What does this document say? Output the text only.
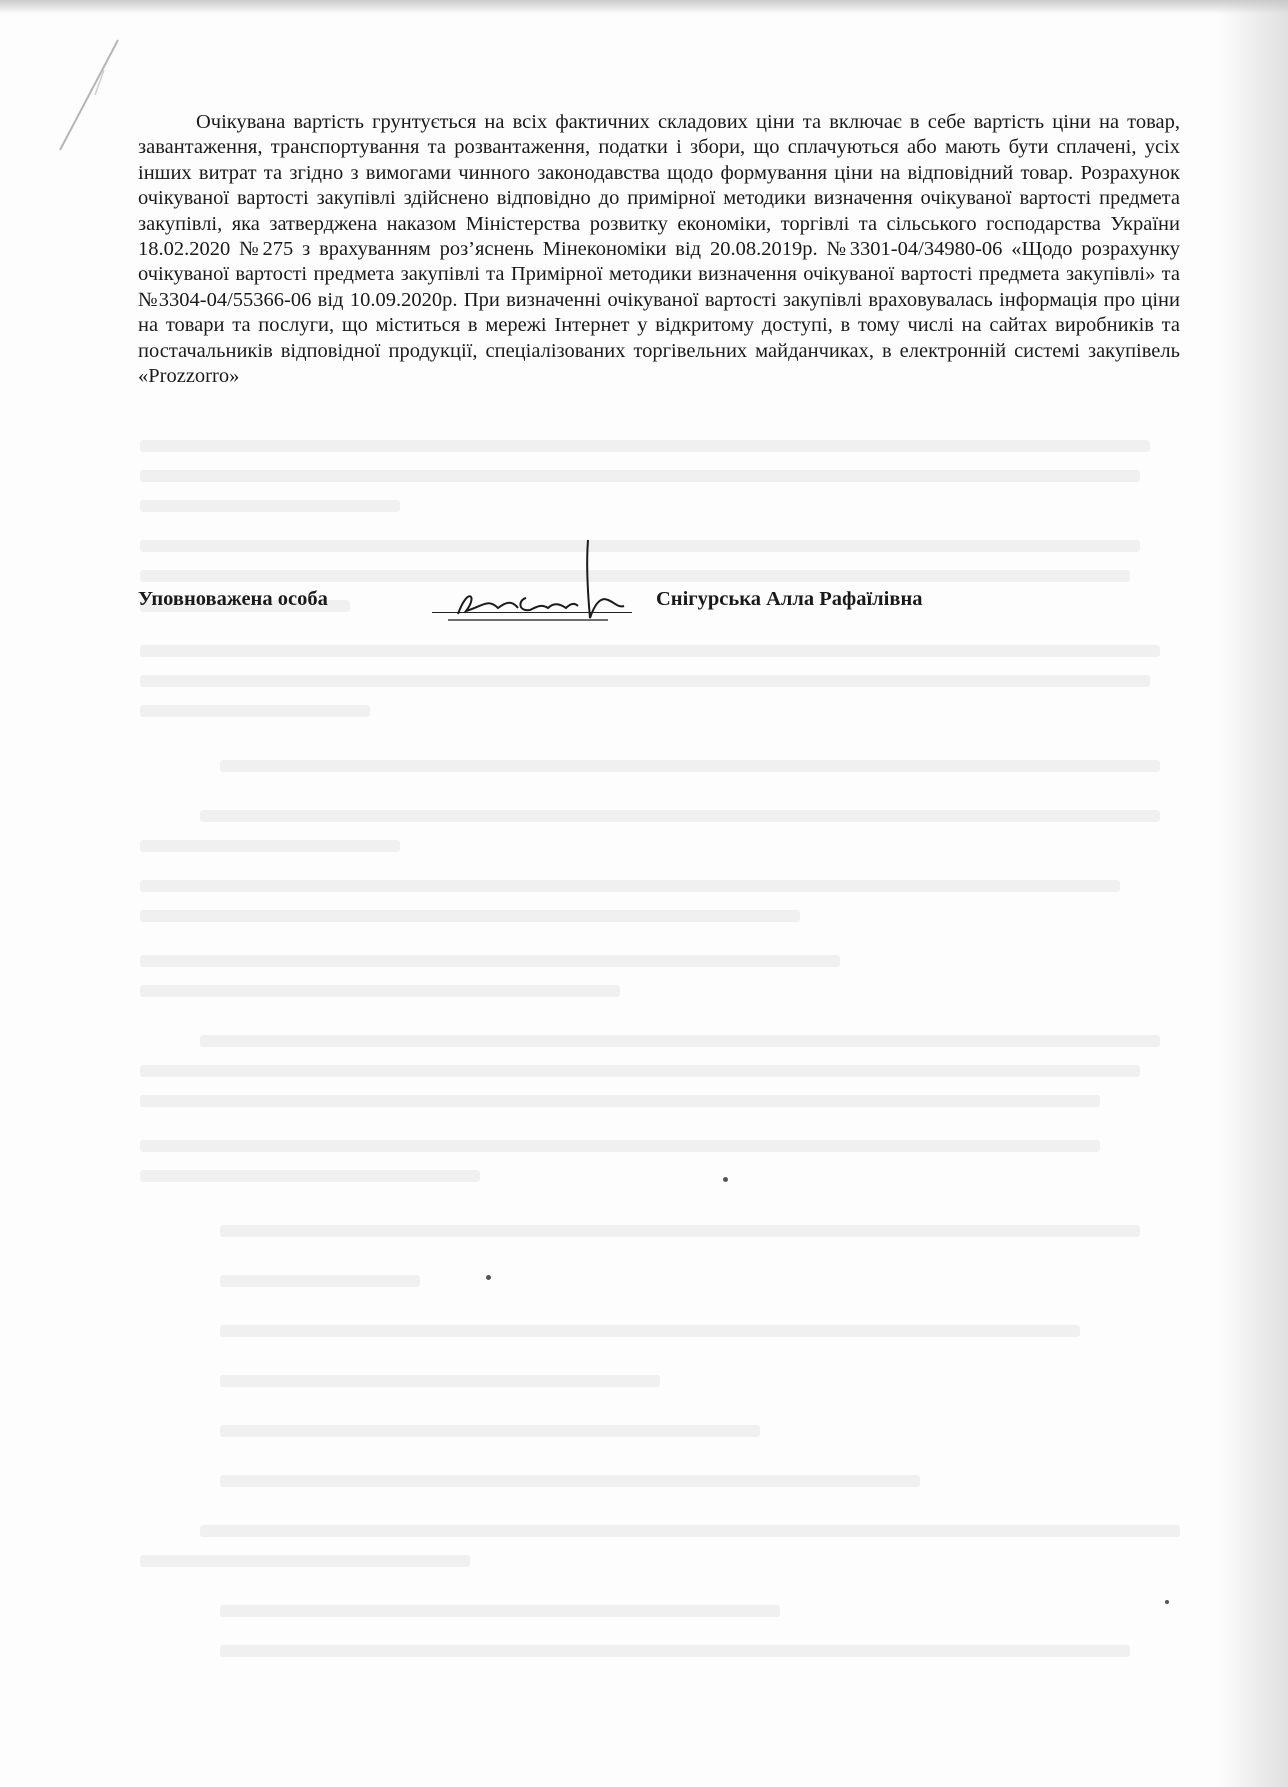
Очікувана вартість грунтується на всіх фактичних складових ціни та включає в себе вартість ціни на товар, завантаження, транспортування та розвантаження, податки і збори, що сплачуються або мають бути сплачені, усіх інших витрат та згідно з вимогами чинного законодавства щодо формування ціни на відповідний товар. Розрахунок очікуваної вартості закупівлі здійснено відповідно до примірної методики визначення очікуваної вартості предмета закупівлі, яка затверджена наказом Міністерства розвитку економіки, торгівлі та сільського господарства України 18.02.2020 №275 з врахуванням роз’яснень Мінекономіки від 20.08.2019р. №3301-04/34980-06 «Щодо розрахунку очікуваної вартості предмета закупівлі та Примірної методики визначення очікуваної вартості предмета закупівлі» та №3304-04/55366-06 від 10.09.2020р. При визначенні очікуваної вартості закупівлі враховувалась інформація про ціни на товари та послуги, що міститься в мережі Інтернет у відкритому доступі, в тому числі на сайтах виробників та постачальників відповідної продукції, спеціалізованих торгівельних майданчиках, в електронній системі закупівель «Prozzorro»

Уповноважена особа	Снігурська Алла Рафаїлівна
